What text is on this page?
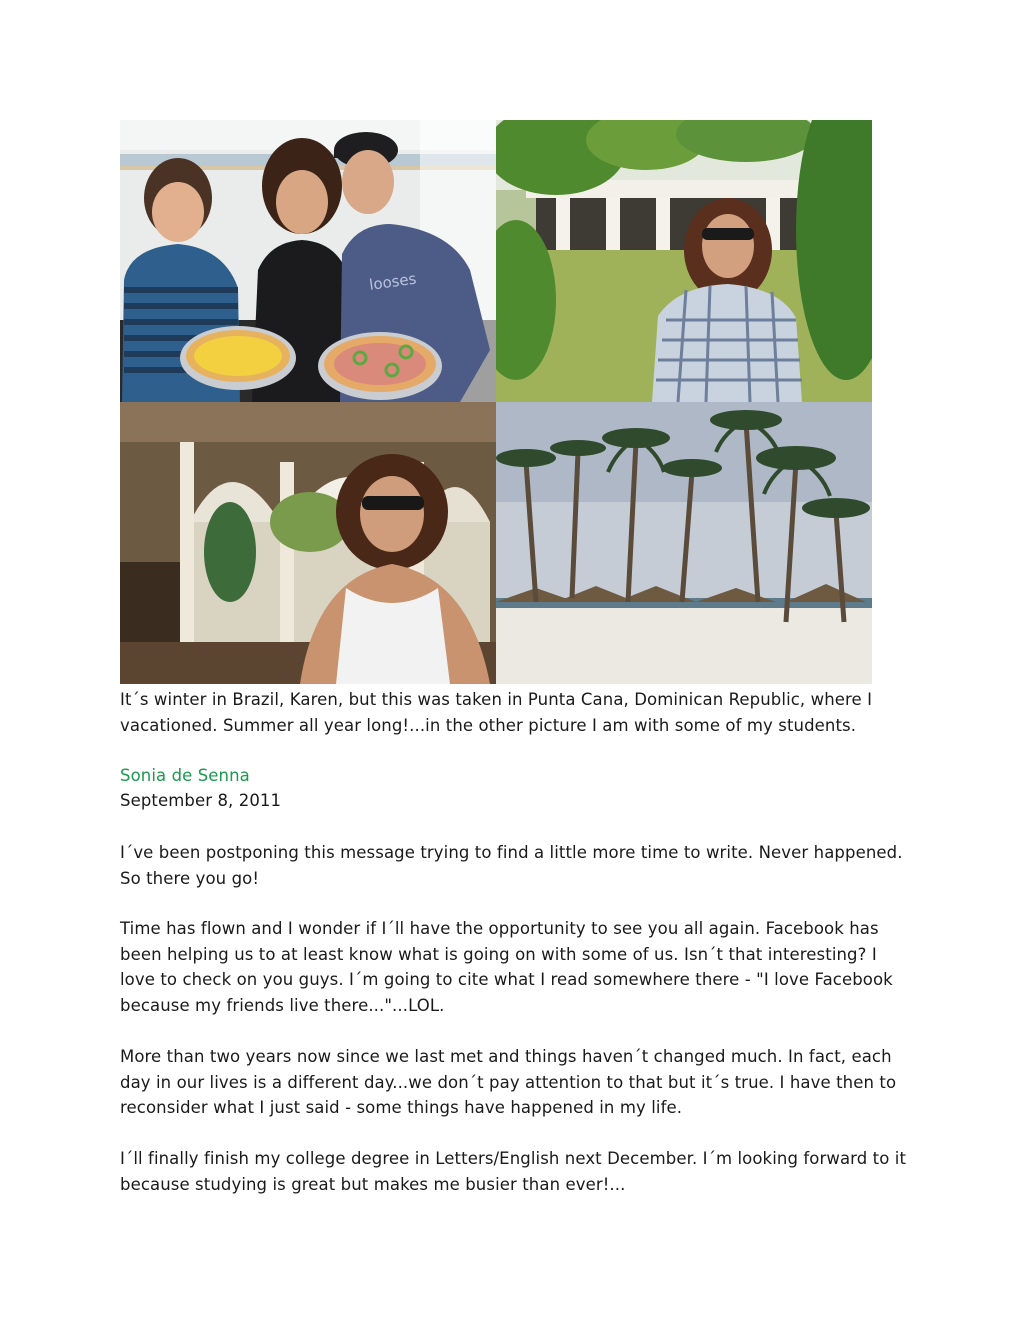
looses
It´s winter in Brazil, Karen, but this was taken in Punta Cana, Dominican Republic, where I vacationed. Summer all year long!...in the other picture I am with some of my students.
Sonia de Senna
September 8, 2011

I´ve been postponing this message trying to find a little more time to write. Never happened. So there you go!

Time has flown and I wonder if I´ll have the opportunity to see you all again. Facebook has been helping us to at least know what is going on with some of us. Isn´t that interesting? I love to check on you guys. I´m going to cite what I read somewhere there - "I love Facebook because my friends live there..."...LOL.

More than two years now since we last met and things haven´t changed much. In fact, each day in our lives is a different day...we don´t pay attention to that but it´s true. I have then to reconsider what I just said - some things have happened in my life.

I´ll finally finish my college degree in Letters/English next December. I´m looking forward to it because studying is great but makes me busier than ever!...
